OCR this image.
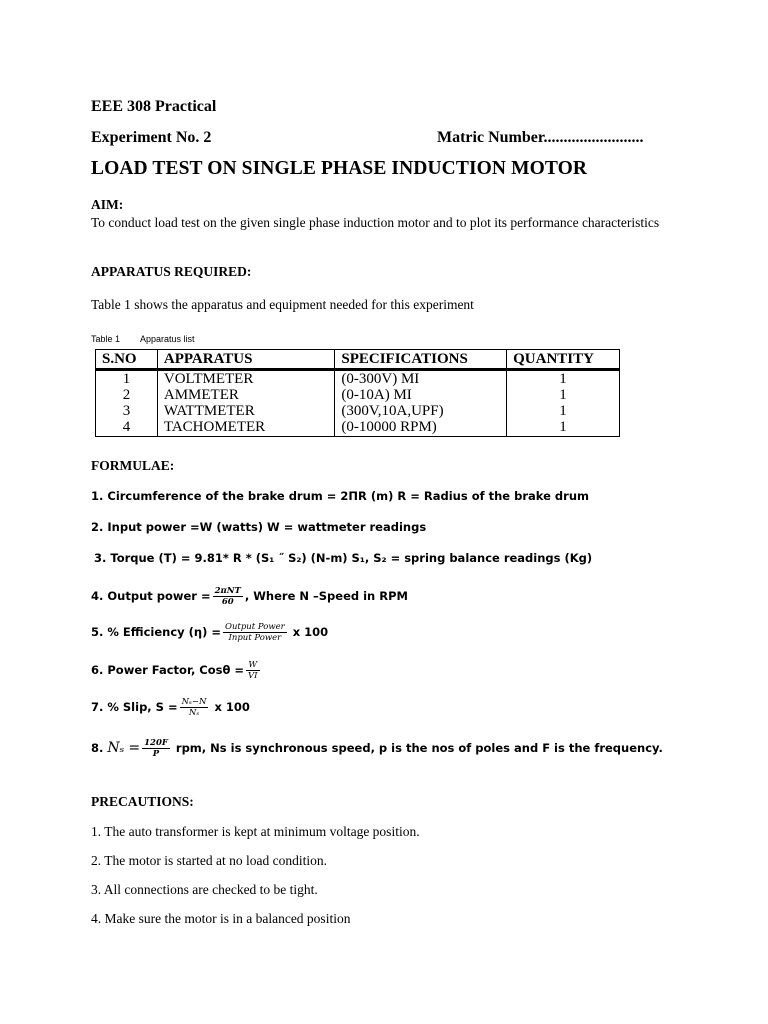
EEE 308 Practical
Experiment No. 2	Matric Number.........................
LOAD TEST ON SINGLE PHASE INDUCTION MOTOR
AIM:
To conduct load test on the given single phase induction motor and to plot its performance characteristics
APPARATUS REQUIRED:
Table 1 shows the apparatus and equipment needed for this experiment
Table 1 Apparatus list
S.NO	APPARATUS	SPECIFICATIONS	QUANTITY
1	VOLTMETER	(0-300V) MI	1
2	AMMETER	(0-10A) MI	1
3	WATTMETER	(300V,10A,UPF)	1
4	TACHOMETER	(0-10000 RPM)	1
FORMULAE:
1. Circumference of the brake drum = 2ΠR (m) R = Radius of the brake drum
2. Input power =W (watts) W = wattmeter readings
3. Torque (T) = 9.81* R * (S₁ ˝ S₂) (N-m) S₁, S₂ = spring balance readings (Kg)
4. Output power = $\frac{\text{2πNT}}{60}$ , Where N –Speed in RPM
5. % Efficiency $(\eta) = \frac{\text{Output Power}}{\text{Input Power}}$ x 100
6. Power Factor, $Cos\theta = \frac{W}{VI}$
7. % Slip, $S = \frac{\text{Nₛ−N}}{\text{Nₛ}}$ x 100
8. $N_s = \frac{120F}{P}$ rpm, Ns is synchronous speed, p is the nos of poles and F is the frequency.
PRECAUTIONS:
1. The auto transformer is kept at minimum voltage position.
2. The motor is started at no load condition.
3. All connections are checked to be tight.
4. Make sure the motor is in a balanced position
